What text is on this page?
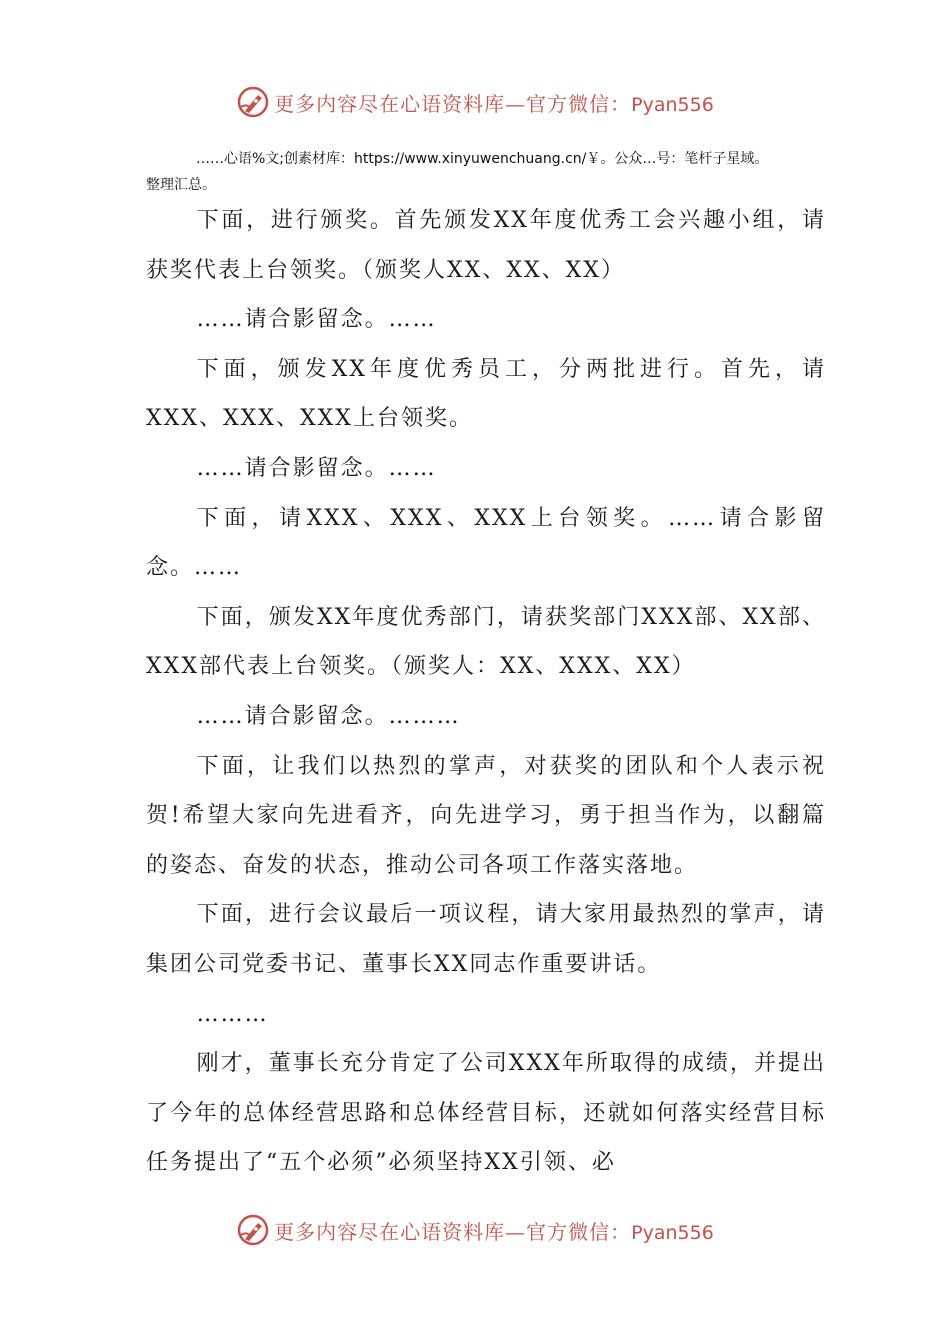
更多内容尽在心语资料库—官方微信：Pyan556
……心语%文;创素材库：https://www.xinyuwenchuang.cn/￥。公众…号：笔杆子星域。
整理汇总。

下面，进行颁奖。首先颁发XX年度优秀工会兴趣小组，请获奖代表上台领奖。（颁奖人XX、XX、XX）

……请合影留念。……

下面，颁发XX年度优秀员工，分两批进行。首先，请XXX、XXX、XXX上台领奖。

……请合影留念。……

下面，请XXX、XXX、XXX上台领奖。……请合影留念。……

下面，颁发XX年度优秀部门，请获奖部门XXX部、XX部、XXX部代表上台领奖。（颁奖人：XX、XXX、XX）

……请合影留念。………

下面，让我们以热烈的掌声，对获奖的团队和个人表示祝贺!希望大家向先进看齐，向先进学习，勇于担当作为，以翻篇的姿态、奋发的状态，推动公司各项工作落实落地。

下面，进行会议最后一项议程，请大家用最热烈的掌声，请集团公司党委书记、董事长XX同志作重要讲话。

………

刚才，董事长充分肯定了公司XXX年所取得的成绩，并提出了今年的总体经营思路和总体经营目标，还就如何落实经营目标任务提出了“五个必须”必须坚持XX引领、必

更多内容尽在心语资料库—官方微信：Pyan556
